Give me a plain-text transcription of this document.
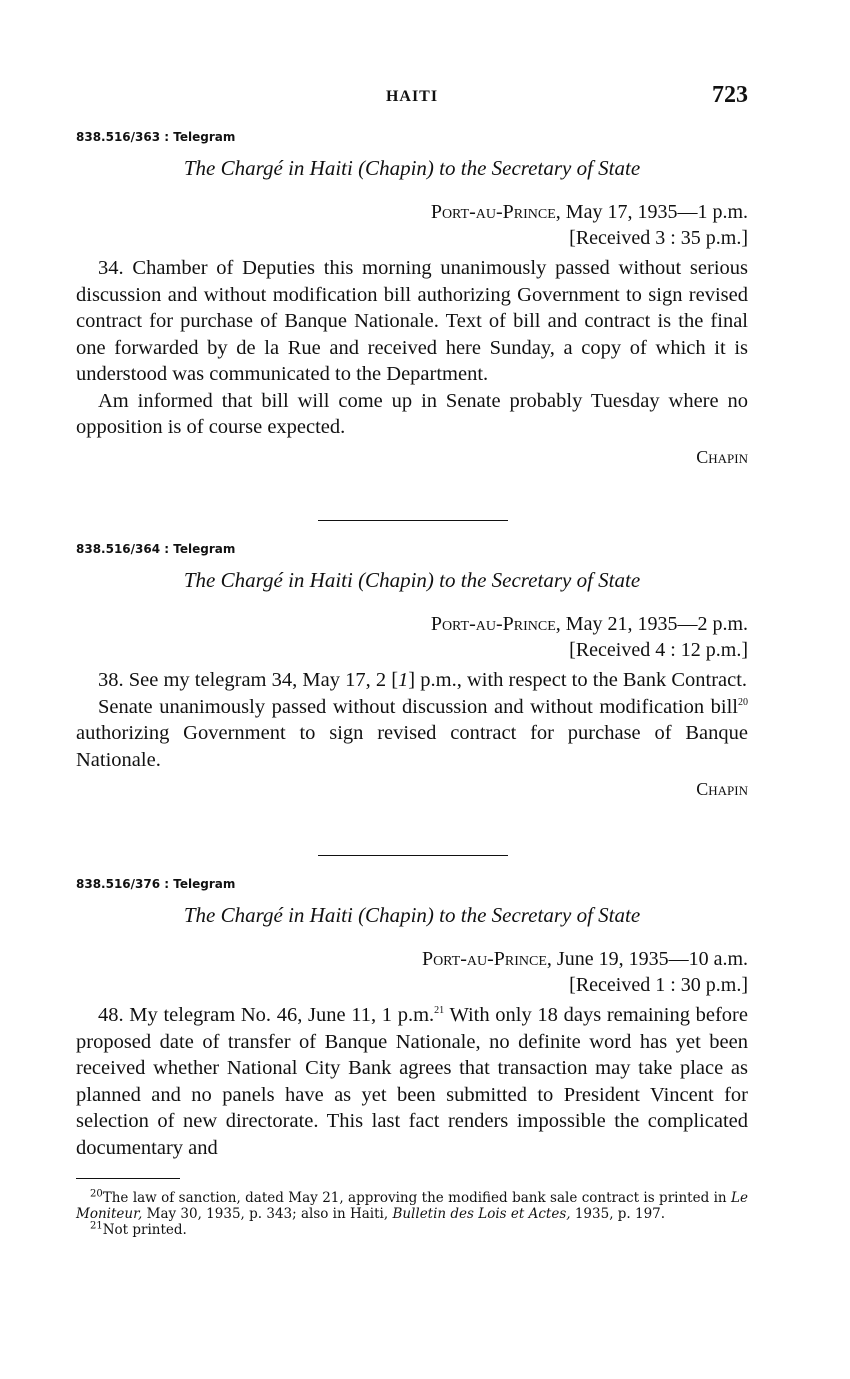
HAITI	723

838.516/363 : Telegram

The Chargé in Haiti (Chapin) to the Secretary of State

Port-au-Prince, May 17, 1935—1 p.m.

[Received 3 : 35 p.m.]

34. Chamber of Deputies this morning unanimously passed without serious discussion and without modification bill authorizing Government to sign revised contract for purchase of Banque Nationale. Text of bill and contract is the final one forwarded by de la Rue and received here Sunday, a copy of which it is understood was communicated to the Department.

Am informed that bill will come up in Senate probably Tuesday where no opposition is of course expected.

Chapin

838.516/364 : Telegram

The Chargé in Haiti (Chapin) to the Secretary of State

Port-au-Prince, May 21, 1935—2 p.m.

[Received 4 : 12 p.m.]

38. See my telegram 34, May 17, 2 [1] p.m., with respect to the Bank Contract.

Senate unanimously passed without discussion and without modification bill$^{20}$ authorizing Government to sign revised contract for purchase of Banque Nationale.

Chapin

838.516/376 : Telegram

The Chargé in Haiti (Chapin) to the Secretary of State

Port-au-Prince, June 19, 1935—10 a.m.

[Received 1 : 30 p.m.]

48. My telegram No. 46, June 11, 1 p.m.$^{21}$ With only 18 days remaining before proposed date of transfer of Banque Nationale, no definite word has yet been received whether National City Bank agrees that transaction may take place as planned and no panels have as yet been submitted to President Vincent for selection of new directorate. This last fact renders impossible the complicated documentary and

$^{20}$The law of sanction, dated May 21, approving the modified bank sale contract is printed in Le Moniteur, May 30, 1935, p. 343; also in Haiti, Bulletin des Lois et Actes, 1935, p. 197.

$^{21}$Not printed.
